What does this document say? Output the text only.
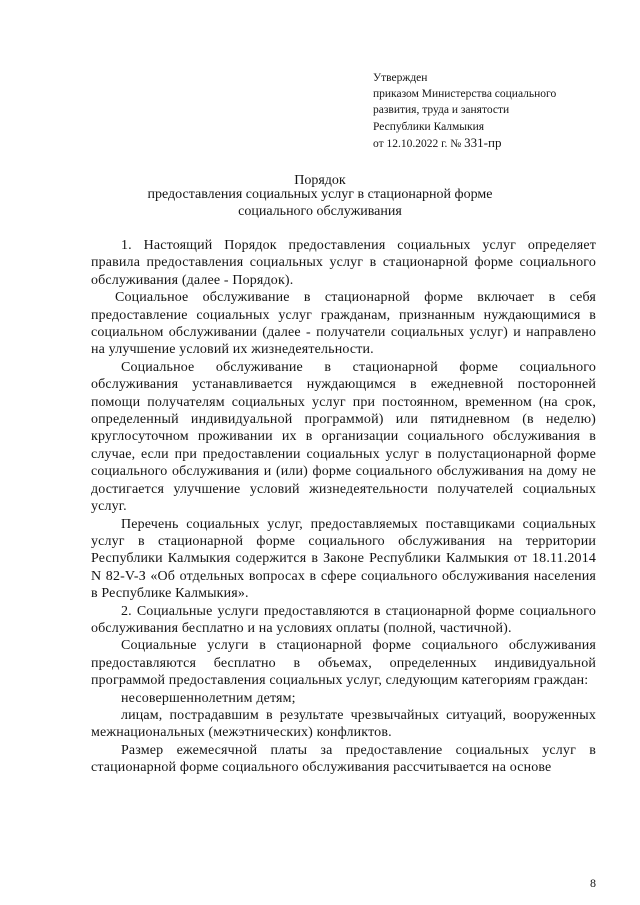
Утвержден
приказом Министерства социального
развития, труда и занятости
Республики Калмыкия
от 12.10.2022 г. № 331-пр
Порядок
предоставления социальных услуг в стационарной форме
социального обслуживания

1. Настоящий Порядок предоставления социальных услуг определяет правила предоставления социальных услуг в стационарной форме социального обслуживания (далее - Порядок).

Социальное обслуживание в стационарной форме включает в себя предоставление социальных услуг гражданам, признанным нуждающимися в социальном обслуживании (далее - получатели социальных услуг) и направлено на улучшение условий их жизнедеятельности.

Социальное обслуживание в стационарной форме социального обслуживания устанавливается нуждающимся в ежедневной посторонней помощи получателям социальных услуг при постоянном, временном (на срок, определенный индивидуальной программой) или пятидневном (в неделю) круглосуточном проживании их в организации социального обслуживания в случае, если при предоставлении социальных услуг в полустационарной форме социального обслуживания и (или) форме социального обслуживания на дому не достигается улучшение условий жизнедеятельности получателей социальных услуг.

Перечень социальных услуг, предоставляемых поставщиками социальных услуг в стационарной форме социального обслуживания на территории Республики Калмыкия содержится в Законе Республики Калмыкия от 18.11.2014 N 82-V-З «Об отдельных вопросах в сфере социального обслуживания населения в Республике Калмыкия».

2. Социальные услуги предоставляются в стационарной форме социального обслуживания бесплатно и на условиях оплаты (полной, частичной).

Социальные услуги в стационарной форме социального обслуживания предоставляются бесплатно в объемах, определенных индивидуальной программой предоставления социальных услуг, следующим категориям граждан:

несовершеннолетним детям;

лицам, пострадавшим в результате чрезвычайных ситуаций, вооруженных межнациональных (межэтнических) конфликтов.

Размер ежемесячной платы за предоставление социальных услуг в стационарной форме социального обслуживания рассчитывается на основе

8
